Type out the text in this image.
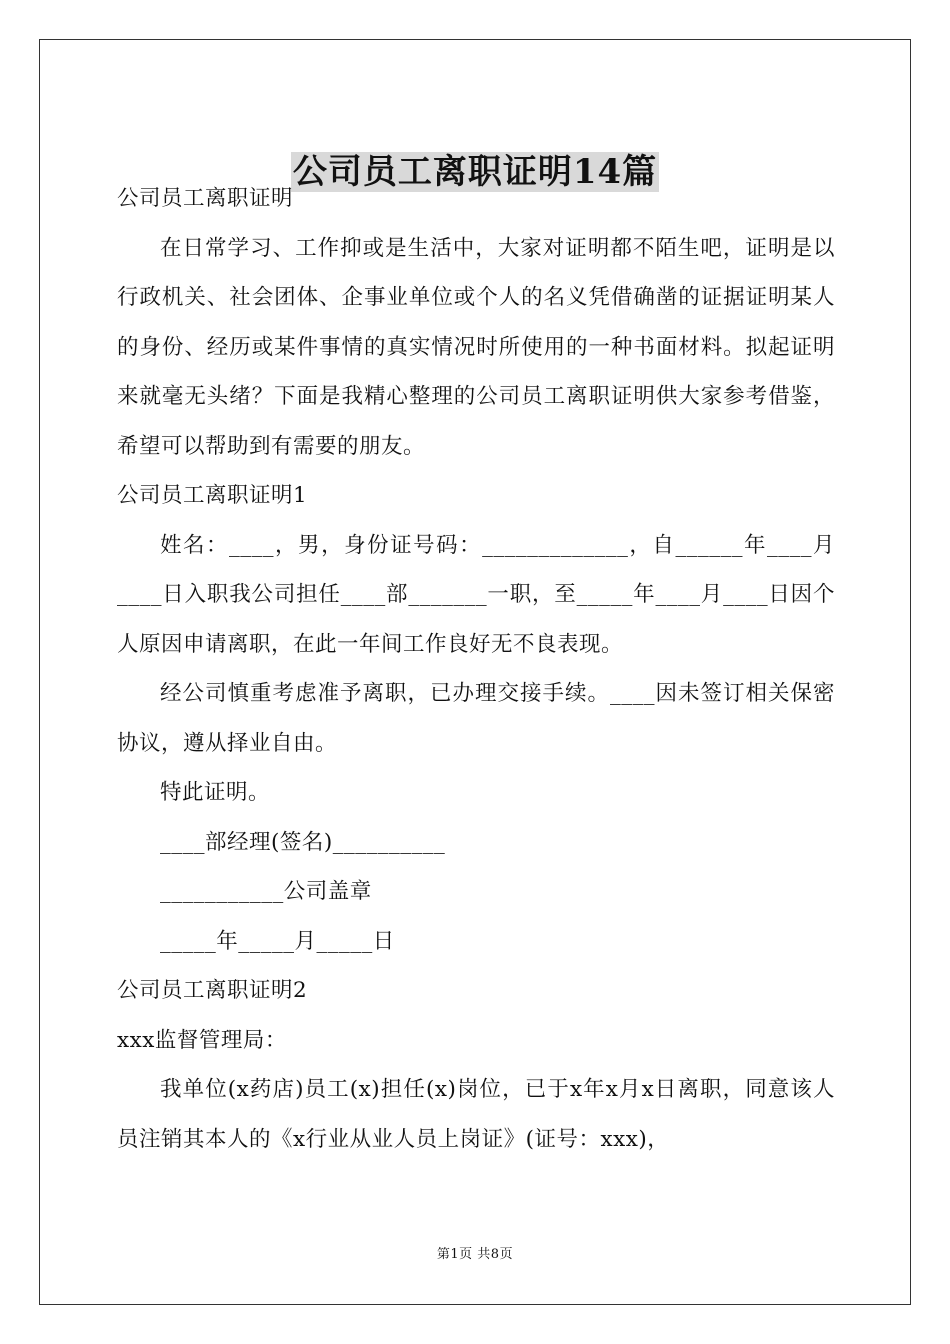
公司员工离职证明14篇

公司员工离职证明

在日常学习、工作抑或是生活中，大家对证明都不陌生吧，证明是以行政机关、社会团体、企事业单位或个人的名义凭借确凿的证据证明某人的身份、经历或某件事情的真实情况时所使用的一种书面材料。拟起证明来就毫无头绪？下面是我精心整理的公司员工离职证明供大家参考借鉴，希望可以帮助到有需要的朋友。

公司员工离职证明1

姓名：____，男，身份证号码：_____________，自______年____月____日入职我公司担任____部_______一职，至_____年____月____日因个人原因申请离职，在此一年间工作良好无不良表现。

经公司慎重考虑准予离职，已办理交接手续。____因未签订相关保密协议，遵从择业自由。

特此证明。

____部经理(签名)__________

___________公司盖章

_____年_____月_____日

公司员工离职证明2

xxx监督管理局：

我单位(x药店)员工(x)担任(x)岗位，已于x年x月x日离职，同意该人员注销其本人的《x行业从业人员上岗证》(证号：xxx)，

第1页 共8页
